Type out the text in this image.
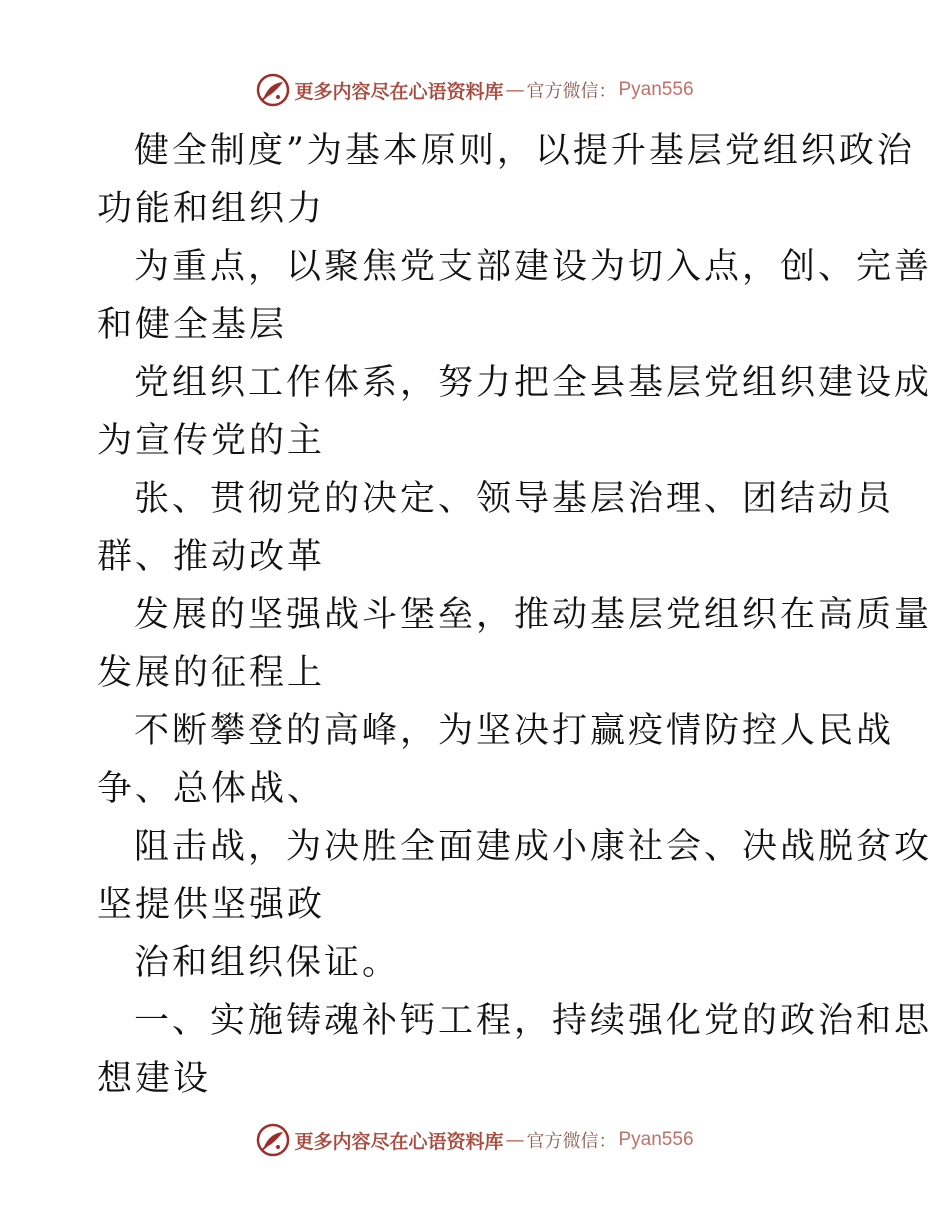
更多内容尽在心语资料库 — 官方微信： Pyan556
健全制度”为基本原则，以提升基层党组织政治
功能和组织力
为重点，以聚焦党支部建设为切入点，创、完善
和健全基层
党组织工作体系，努力把全县基层党组织建设成
为宣传党的主
张、贯彻党的决定、领导基层治理、团结动员
群、推动改革
发展的坚强战斗堡垒，推动基层党组织在高质量
发展的征程上
不断攀登的高峰，为坚决打赢疫情防控人民战
争、总体战、
阻击战，为决胜全面建成小康社会、决战脱贫攻
坚提供坚强政
治和组织保证。
一、实施铸魂补钙工程，持续强化党的政治和思
想建设
更多内容尽在心语资料库 — 官方微信： Pyan556
